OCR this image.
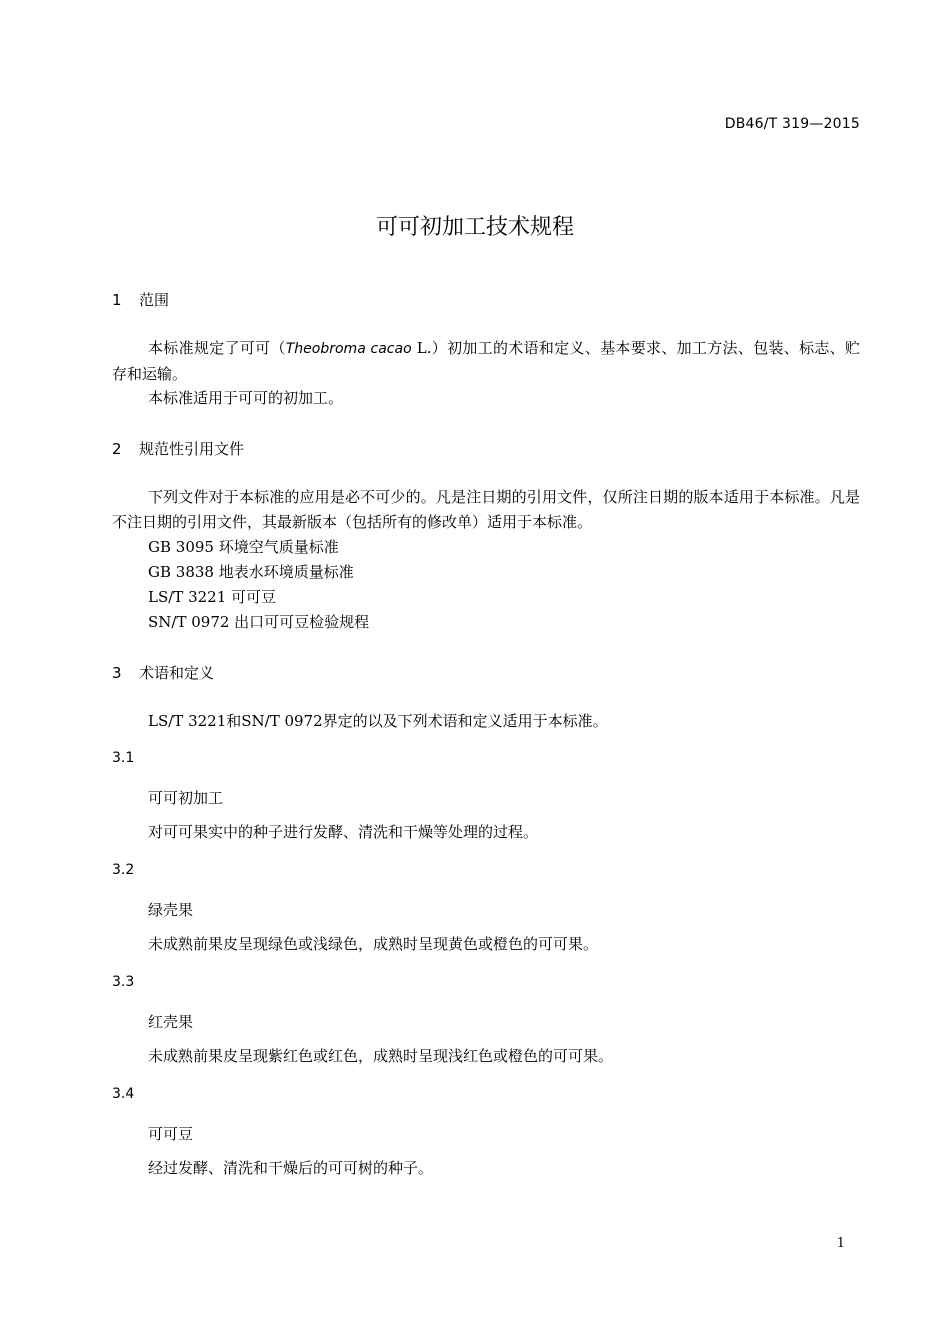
DB46/T 319—2015
可可初加工技术规程
1 范围
本标准规定了可可（Theobroma cacao L.）初加工的术语和定义、基本要求、加工方法、包装、标志、贮存和运输。
本标准适用于可可的初加工。
2 规范性引用文件
下列文件对于本标准的应用是必不可少的。凡是注日期的引用文件，仅所注日期的版本适用于本标准。凡是不注日期的引用文件，其最新版本（包括所有的修改单）适用于本标准。
GB 3095 环境空气质量标准
GB 3838 地表水环境质量标准
LS/T 3221 可可豆
SN/T 0972 出口可可豆检验规程
3 术语和定义
LS/T 3221和SN/T 0972界定的以及下列术语和定义适用于本标准。
3.1
可可初加工
对可可果实中的种子进行发酵、清洗和干燥等处理的过程。
3.2
绿壳果
未成熟前果皮呈现绿色或浅绿色，成熟时呈现黄色或橙色的可可果。
3.3
红壳果
未成熟前果皮呈现紫红色或红色，成熟时呈现浅红色或橙色的可可果。
3.4
可可豆
经过发酵、清洗和干燥后的可可树的种子。
1
